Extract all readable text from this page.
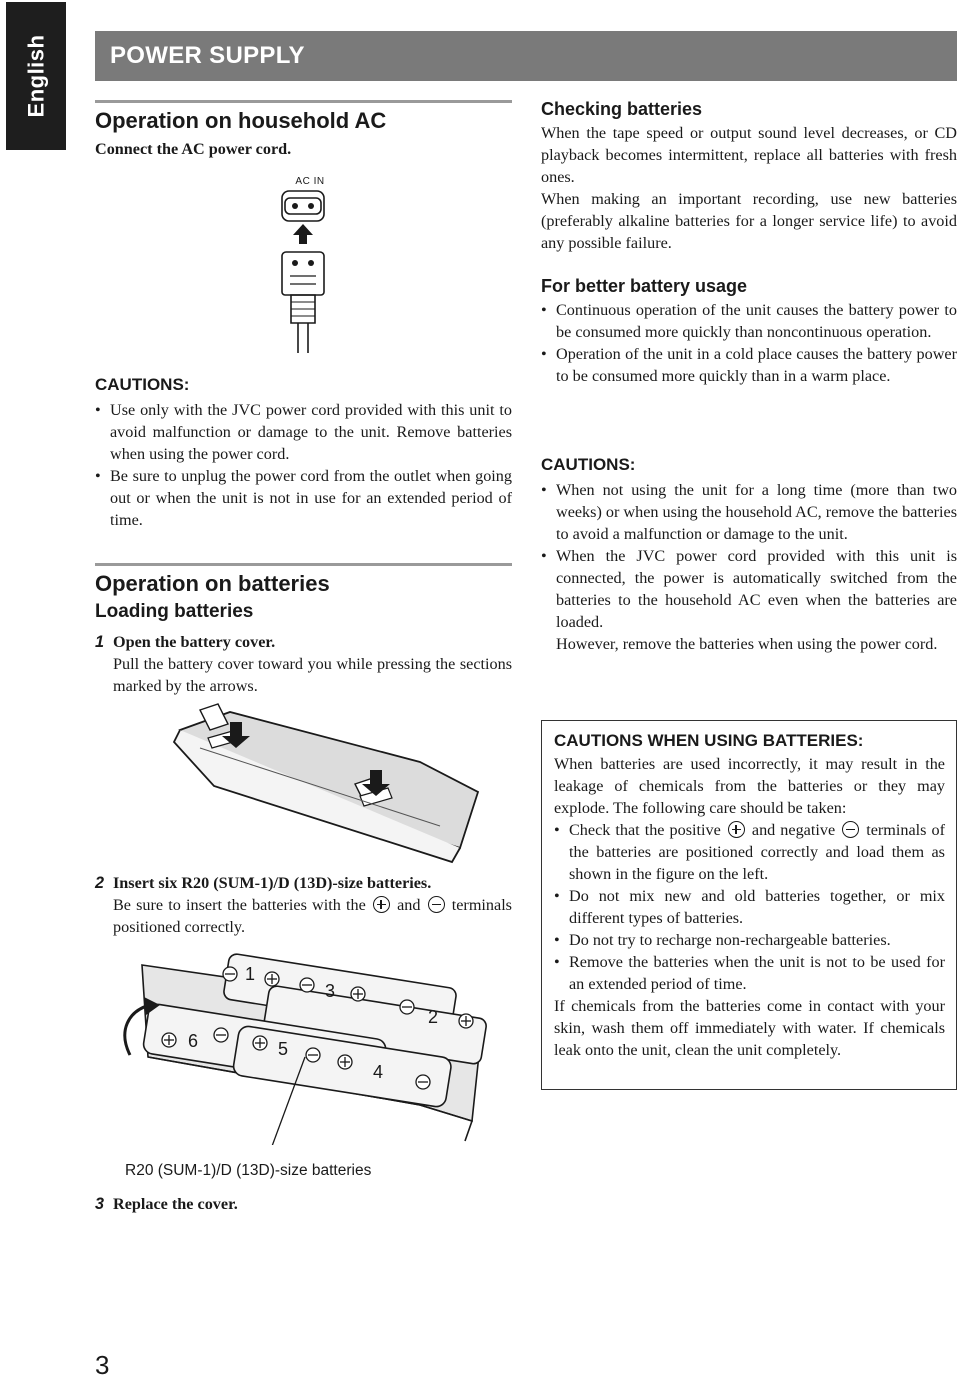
English	POWER SUPPLY
Operation on household AC
Connect the AC power cord.
AC IN
CAUTIONS:
• Use only with the JVC power cord provided with this unit to avoid malfunction or damage to the unit. Remove batteries when using the power cord.
• Be sure to unplug the power cord from the outlet when going out or when the unit is not in use for an extended period of time.
Operation on batteries
Loading batteries
1 Open the battery cover.
Pull the battery cover toward you while pressing the sections marked by the arrows.
2 Insert six R20 (SUM-1)/D (13D)-size batteries.
Be sure to insert the batteries with the and terminals positioned correctly.
1
3
2
6	5
4
R20 (SUM-1)/D (13D)-size batteries
3 Replace the cover.
Checking batteries
When the tape speed or output sound level decreases, or CD playback becomes intermittent, replace all batteries with fresh ones.
When making an important recording, use new batteries (preferably alkaline batteries for a longer service life) to avoid any possible failure.
For better battery usage
• Continuous operation of the unit causes the battery power to be consumed more quickly than noncontinuous operation.
• Operation of the unit in a cold place causes the battery power to be consumed more quickly than in a warm place.
CAUTIONS:
• When not using the unit for a long time (more than two weeks) or when using the household AC, remove the batteries to avoid a malfunction or damage to the unit.
• When the JVC power cord provided with this unit is connected, the power is automatically switched from the batteries to the household AC even when the batteries are loaded.
However, remove the batteries when using the power cord.
CAUTIONS WHEN USING BATTERIES:
When batteries are used incorrectly, it may result in the leakage of chemicals from the batteries or they may explode. The following care should be taken:
• Check that the positive and negative terminals of the batteries are positioned correctly and load them as shown in the figure on the left.
• Do not mix new and old batteries together, or mix different types of batteries.
• Do not try to recharge non-rechargeable batteries.
• Remove the batteries when the unit is not to be used for an extended period of time.
If chemicals from the batteries come in contact with your skin, wash them off immediately with water. If chemicals leak onto the unit, clean the unit completely.
3
